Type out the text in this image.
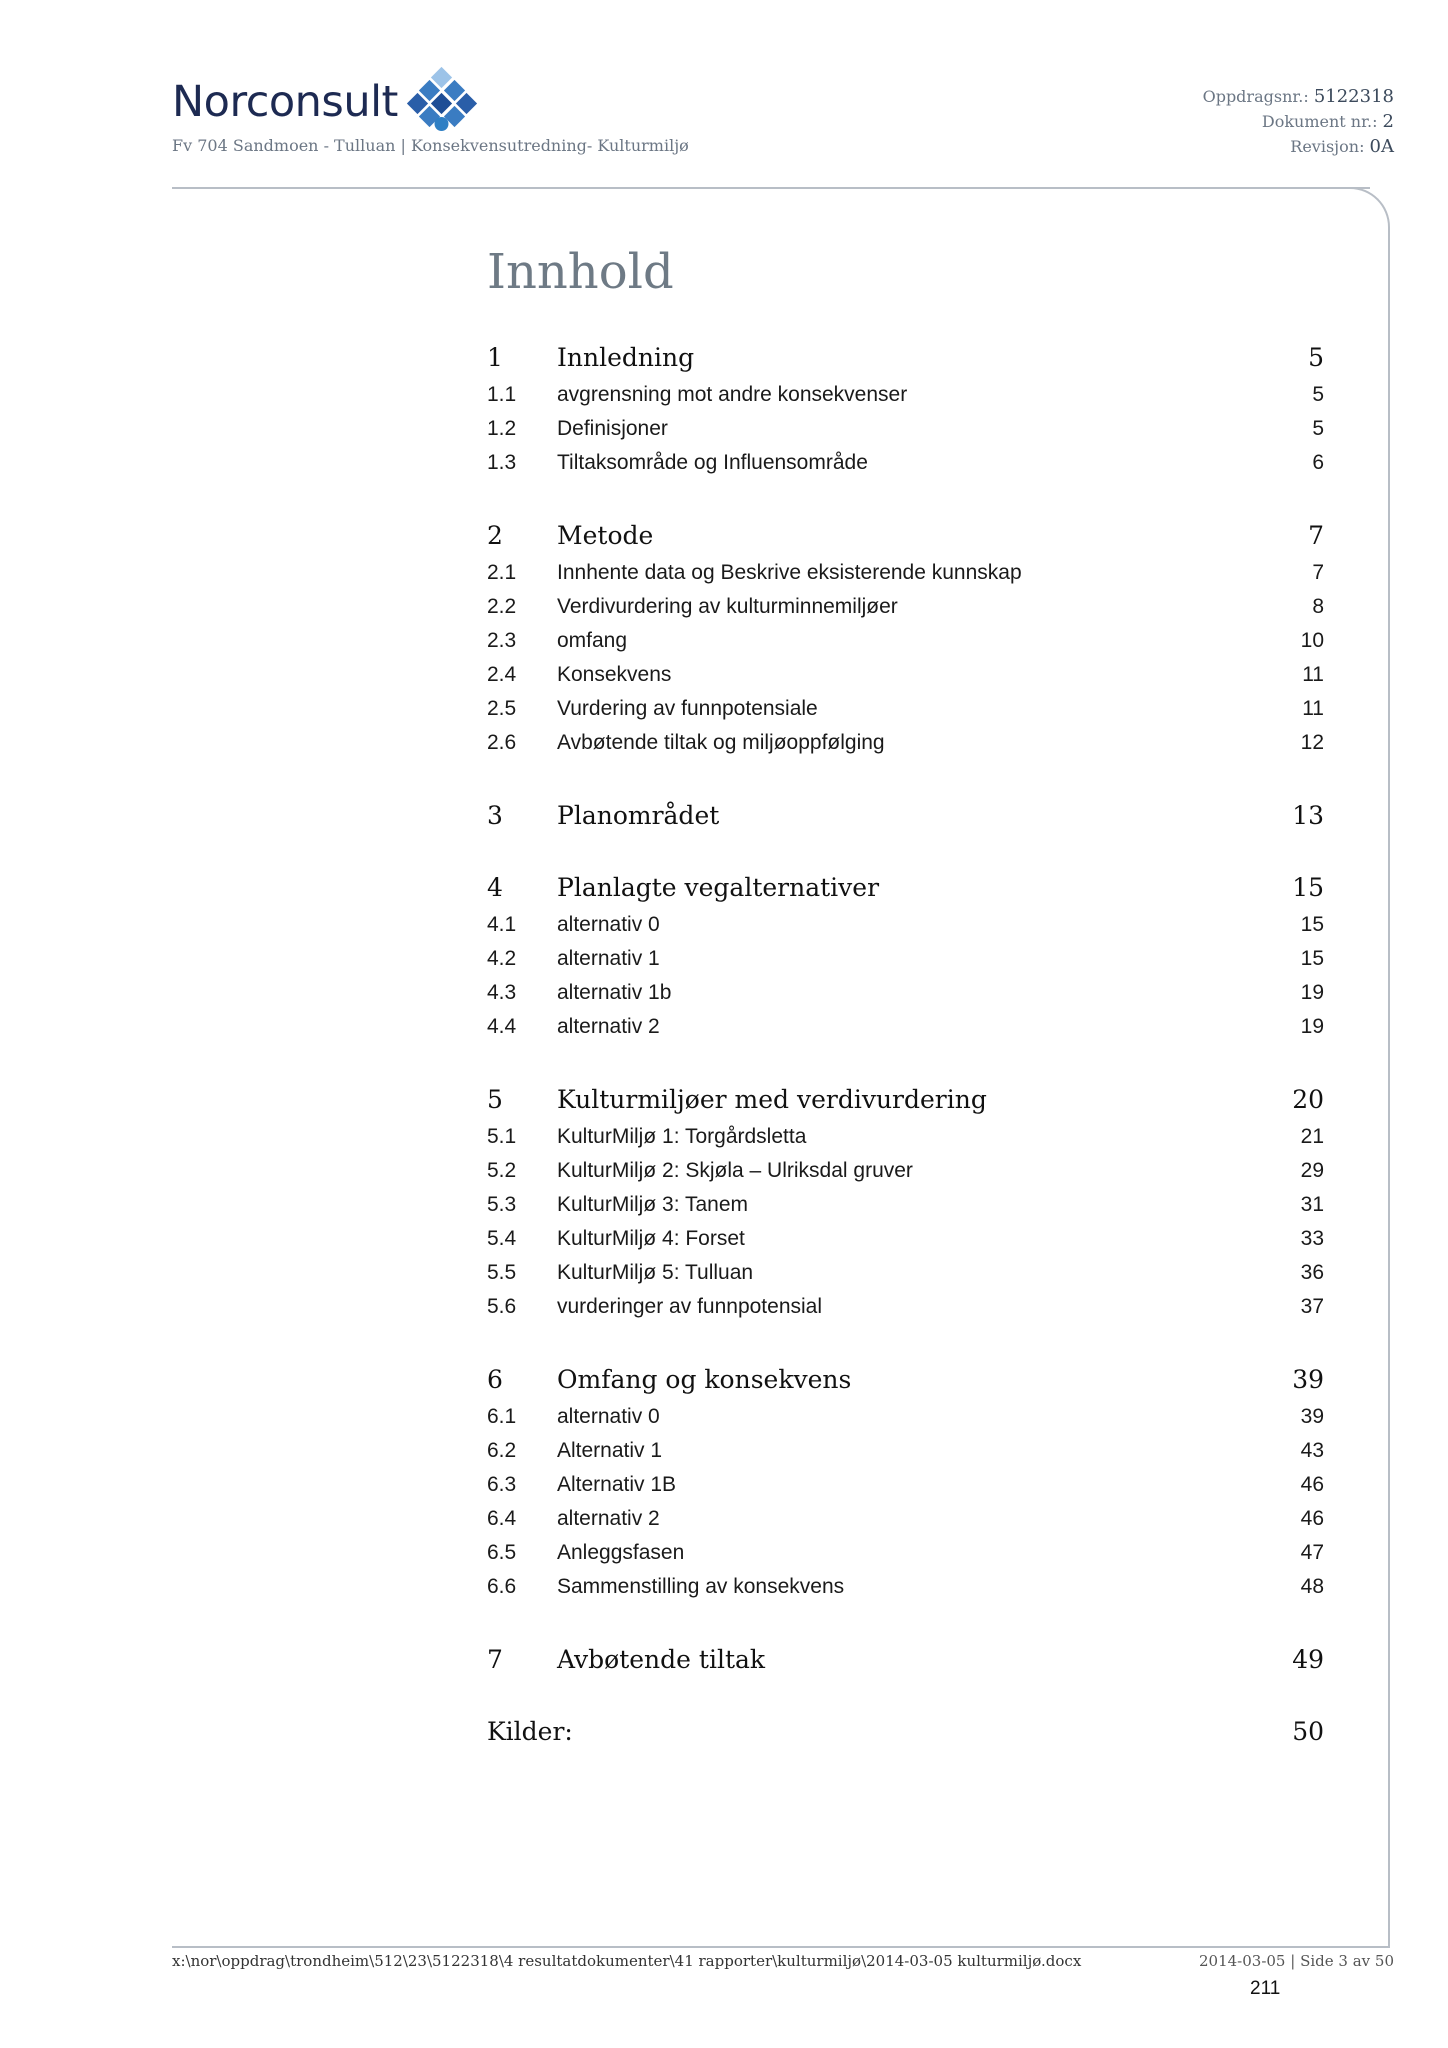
Norconsult
Fv 704 Sandmoen - Tulluan | Konsekvensutredning- Kulturmiljø
Oppdragsnr.: 5122318
Dokument nr.: 2
Revisjon: 0A
Innhold
1	Innledning	5
1.1	avgrensning mot andre konsekvenser	5
1.2	Definisjoner	5
1.3	Tiltaksområde og Influensområde	6
2	Metode	7
2.1	Innhente data og Beskrive eksisterende kunnskap	7
2.2	Verdivurdering av kulturminnemiljøer	8
2.3	omfang	10
2.4	Konsekvens	11
2.5	Vurdering av funnpotensiale	11
2.6	Avbøtende tiltak og miljøoppfølging	12
3	Planområdet	13
4	Planlagte vegalternativer	15
4.1	alternativ 0	15
4.2	alternativ 1	15
4.3	alternativ 1b	19
4.4	alternativ 2	19
5	Kulturmiljøer med verdivurdering	20
5.1	KulturMiljø 1: Torgårdsletta	21
5.2	KulturMiljø 2: Skjøla – Ulriksdal gruver	29
5.3	KulturMiljø 3: Tanem	31
5.4	KulturMiljø 4: Forset	33
5.5	KulturMiljø 5: Tulluan	36
5.6	vurderinger av funnpotensial	37
6	Omfang og konsekvens	39
6.1	alternativ 0	39
6.2	Alternativ 1	43
6.3	Alternativ 1B	46
6.4	alternativ 2	46
6.5	Anleggsfasen	47
6.6	Sammenstilling av konsekvens	48
7	Avbøtende tiltak	49
Kilder:	50
x:\nor\oppdrag\trondheim\512\23\5122318\4 resultatdokumenter\41 rapporter\kulturmiljø\2014-03-05 kulturmiljø.docx	2014-03-05 | Side 3 av 50
211
